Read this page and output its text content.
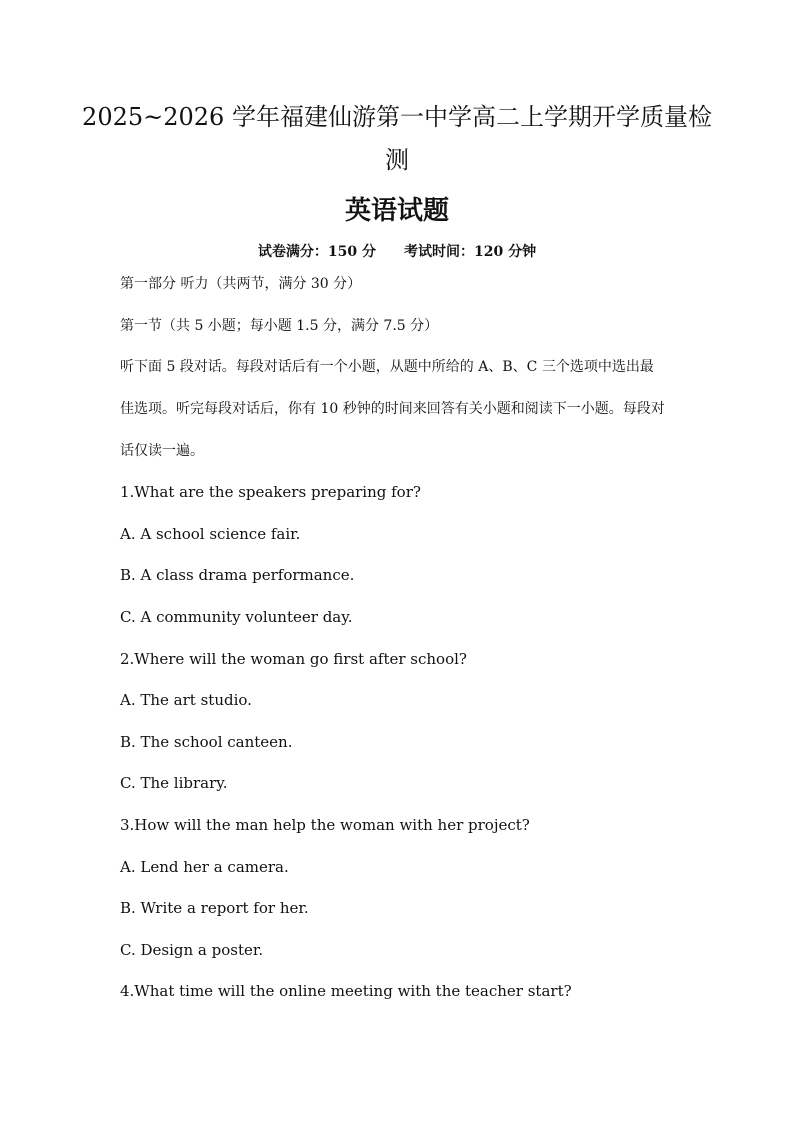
2025~2026 学年福建仙游第一中学高二上学期开学质量检
测
英语试题
试卷满分：150 分 考试时间：120 分钟
第一部分 听力（共两节，满分 30 分）
第一节（共 5 小题；每小题 1.5 分，满分 7.5 分）
听下面 5 段对话。每段对话后有一个小题，从题中所给的 A、B、C 三个选项中选出最
佳选项。听完每段对话后，你有 10 秒钟的时间来回答有关小题和阅读下一小题。每段对
话仅读一遍。
1.What are the speakers preparing for?
A. A school science fair.
B. A class drama performance.
C. A community volunteer day.
2.Where will the woman go first after school?
A. The art studio.
B. The school canteen.
C. The library.
3.How will the man help the woman with her project?
A. Lend her a camera.
B. Write a report for her.
C. Design a poster.
4.What time will the online meeting with the teacher start?
